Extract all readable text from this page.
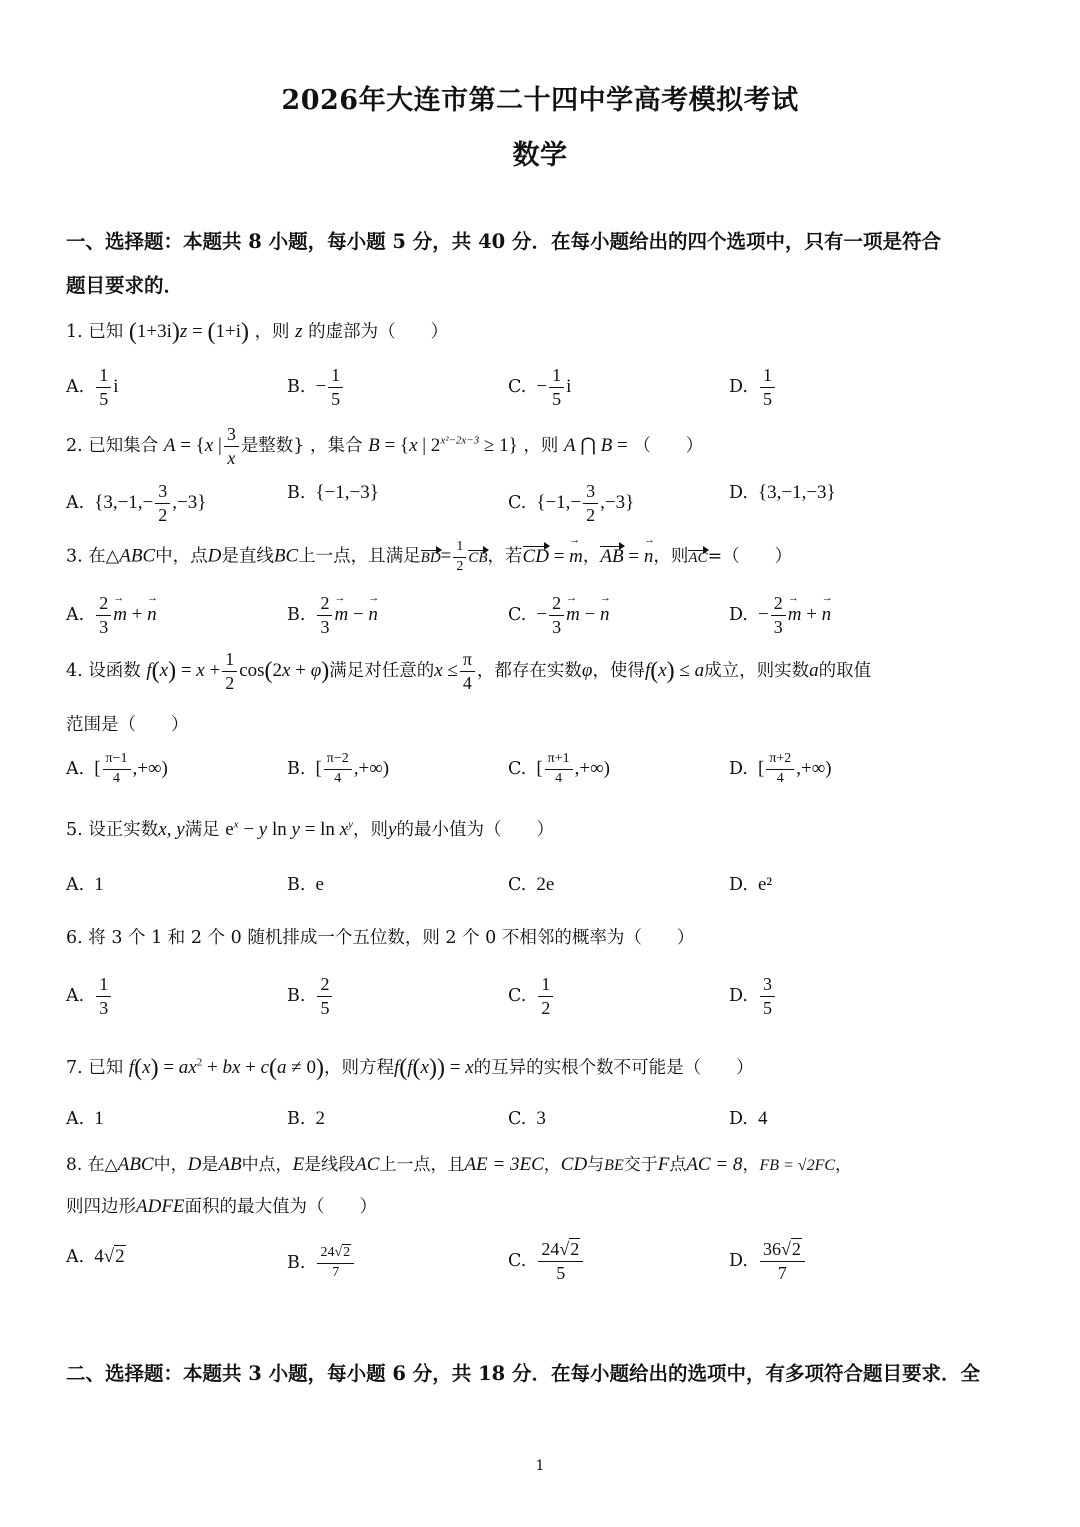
2026年大连市第二十四中学高考模拟考试
数学
一、选择题：本题共 8 小题，每小题 5 分，共 40 分．在每小题给出的四个选项中，只有一项是符合
题目要求的．
1. 已知 (1+3i)z = (1+i) ，则 z 的虚部为（　　）
A. $\frac{1}{5}$ i	B. − $\frac{1}{5}$	C. − $\frac{1}{5}$ i	D. $\frac{1}{5}$
2. 已知集合 A = {x | $\frac{3}{x}$ 是整数} ，集合 B = {x | $2^{x^2-2x-3} \ge 1$} ，则 A ⋂ B = （　　）
A. $\{3,-1,- \frac{3}{2} ,-3\}$	B. {−1,−3}
C. $\{-1,- \frac{3}{2} ,-3\}$	D. {3,−1,−3}
3. 在△ABC中，点D是直线BC上一点，且满足$BD= \frac{1}{2}$ CB，若CD = → m，AB = → n，则AC=（　　）
A. $\frac{2}{3}$
→ m + → n	B. $\frac{2}{3}$
→ m − → n	C. − $\frac{2}{3}$
→ m − → n	D. − $\frac{2}{3}$
→ m + → n
4. 设函数 $f(x) = x + \frac{1}{2} \cos(2x + \varphi)$满足对任意的$x \le \frac{\pi}{4}$ ，都存在实数φ，使得f(x) ≤ a成立，则实数a的取值
范围是（　　）
A. [ $\frac{\pi-1}{4}$ ,+∞)	B. [ $\frac{\pi-2}{4}$ ,+∞)	C. [ $\frac{\pi+1}{4}$ ,+∞)	D. [ $\frac{\pi+2}{4}$ ,+∞)
5. 设正实数x, y满足 $e^x - y$ $\ln y = \ln x^y$，则y的最小值为（　　）
A. 1	B. e	C. 2e	D. e²
6. 将 3 个 1 和 2 个 0 随机排成一个五位数，则 2 个 0 不相邻的概率为（　　）
A. $\frac{1}{3}$	B. $\frac{2}{5}$	C. $\frac{1}{2}$	D. $\frac{3}{5}$
7. 已知 $f(x) = ax^2$ + bx + c(a ≠ 0)，则方程f(f(x)) = x的互异的实根个数不可能是（　　）
A. 1	B. 2	C. 3	D. 4
8. 在△ABC中，D是AB中点，E是线段AC上一点，且AE = 3EC，CD与BE交于F点AC = 8，FB = √2FC，
则四边形ADFE面积的最大值为（　　）
A. 4√2	B. $\frac{24√2}{7}$	C. $\frac{24√2}{5}$	D. $\frac{36√2}{7}$
二、选择题：本题共 3 小题，每小题 6 分，共 18 分．在每小题给出的选项中，有多项符合题目要求．全
1
